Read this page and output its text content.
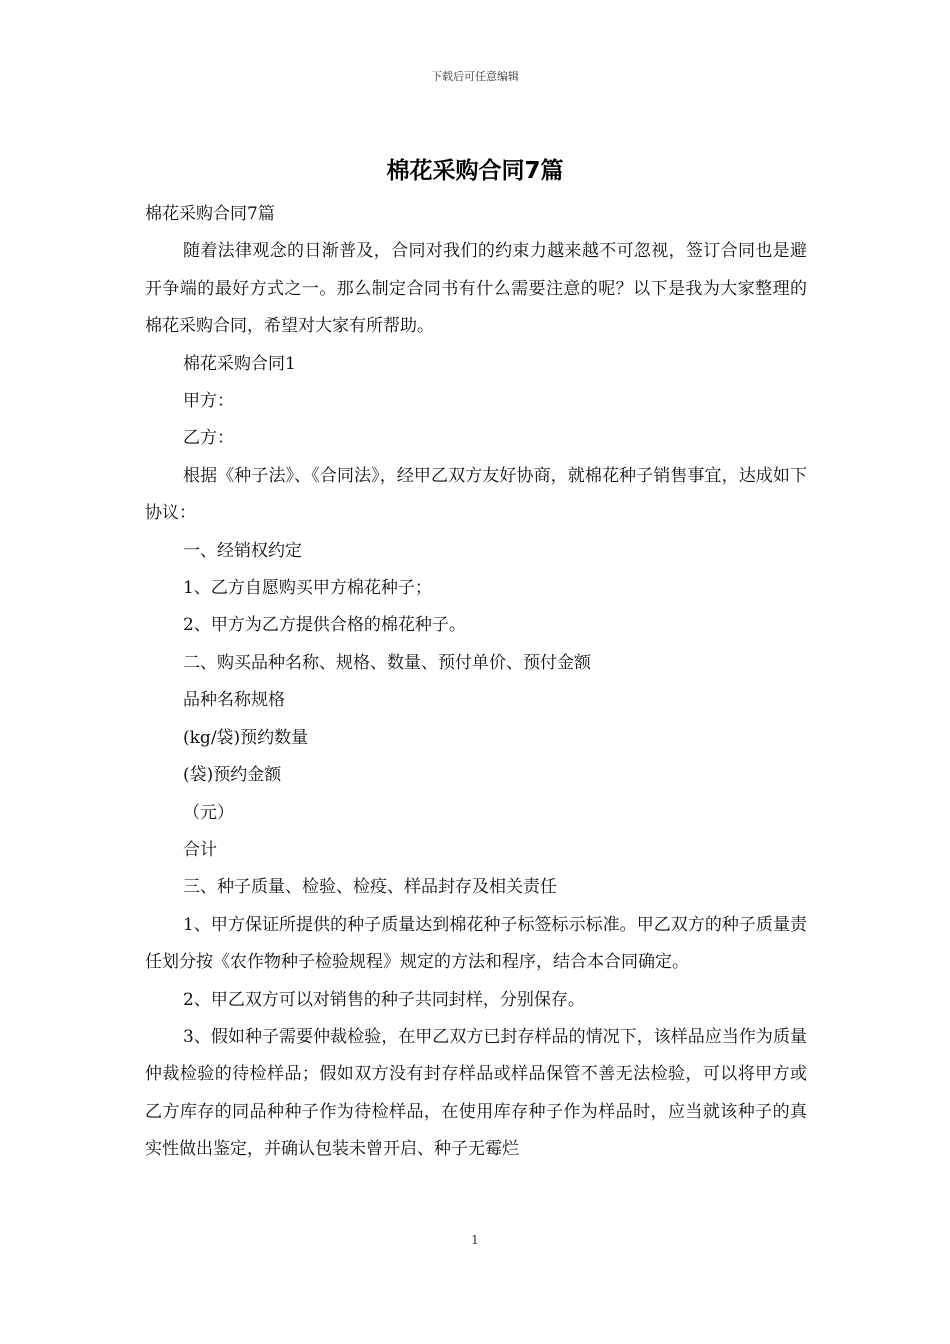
下载后可任意编辑
棉花采购合同7篇

棉花采购合同7篇

随着法律观念的日渐普及，合同对我们的约束力越来越不可忽视，签订合同也是避开争端的最好方式之一。那么制定合同书有什么需要注意的呢？以下是我为大家整理的棉花采购合同，希望对大家有所帮助。

棉花采购合同1

甲方：

乙方：

根据《种子法》、《合同法》，经甲乙双方友好协商，就棉花种子销售事宜，达成如下协议：

一、经销权约定

1、乙方自愿购买甲方棉花种子；

2、甲方为乙方提供合格的棉花种子。

二、购买品种名称、规格、数量、预付单价、预付金额

品种名称规格

(kg/袋)预约数量

(袋)预约金额

（元）

合计

三、种子质量、检验、检疫、样品封存及相关责任

1、甲方保证所提供的种子质量达到棉花种子标签标示标准。甲乙双方的种子质量责任划分按《农作物种子检验规程》规定的方法和程序，结合本合同确定。

2、甲乙双方可以对销售的种子共同封样，分别保存。

3、假如种子需要仲裁检验，在甲乙双方已封存样品的情况下，该样品应当作为质量仲裁检验的待检样品；假如双方没有封存样品或样品保管不善无法检验，可以将甲方或乙方库存的同品种种子作为待检样品，在使用库存种子作为样品时，应当就该种子的真实性做出鉴定，并确认包装未曾开启、种子无霉烂

1
